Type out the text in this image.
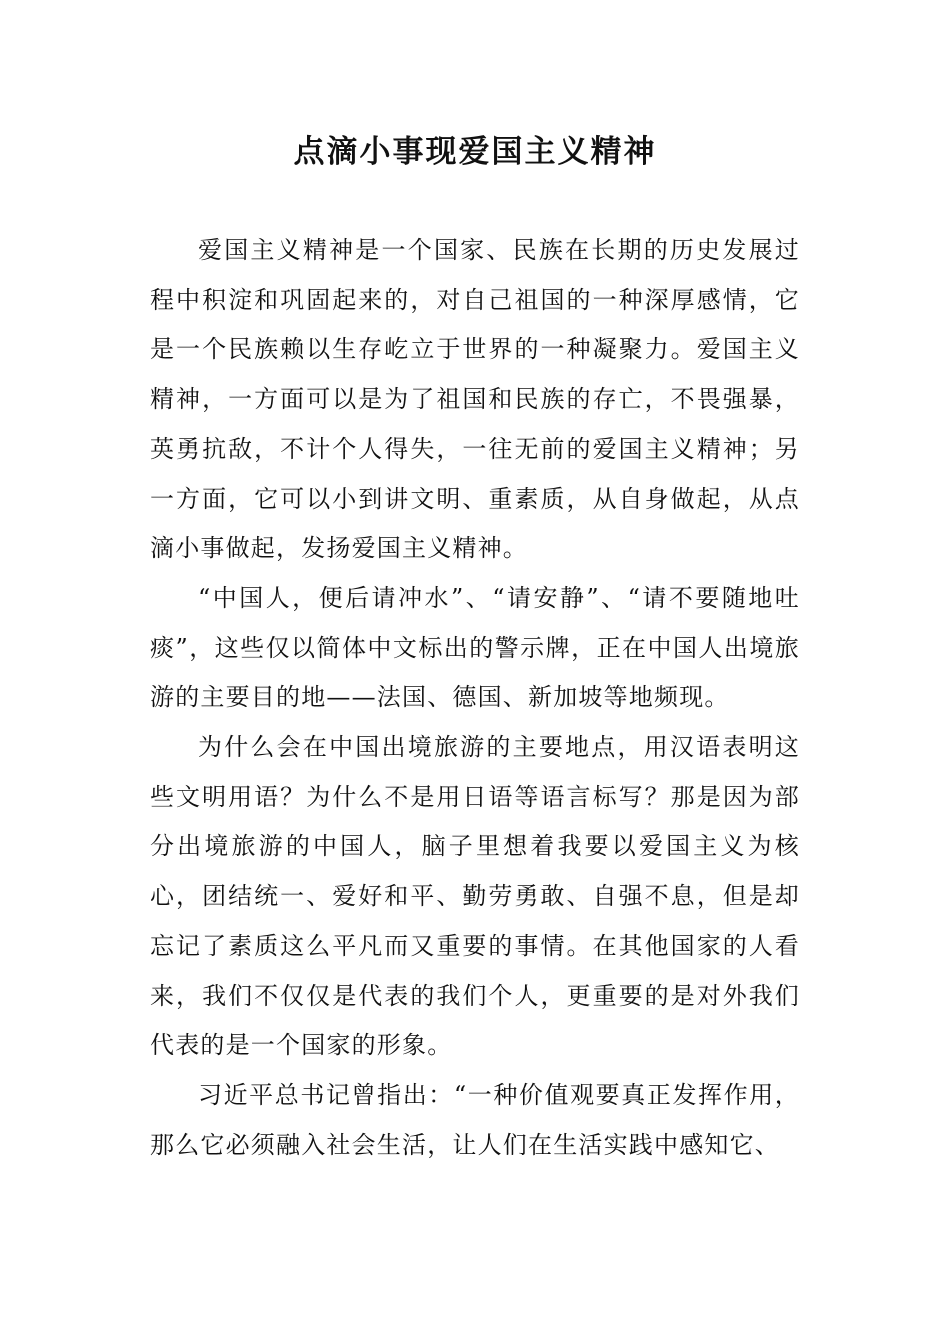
点滴小事现爱国主义精神

爱国主义精神是一个国家、民族在长期的历史发展过程中积淀和巩固起来的，对自己祖国的一种深厚感情，它是一个民族赖以生存屹立于世界的一种凝聚力。爱国主义精神，一方面可以是为了祖国和民族的存亡，不畏强暴，英勇抗敌，不计个人得失，一往无前的爱国主义精神；另一方面，它可以小到讲文明、重素质，从自身做起，从点滴小事做起，发扬爱国主义精神。

“中国人，便后请冲水”、“请安静”、“请不要随地吐痰”，这些仅以简体中文标出的警示牌，正在中国人出境旅游的主要目的地——法国、德国、新加坡等地频现。

为什么会在中国出境旅游的主要地点，用汉语表明这些文明用语？为什么不是用日语等语言标写？那是因为部分出境旅游的中国人，脑子里想着我要以爱国主义为核心，团结统一、爱好和平、勤劳勇敢、自强不息，但是却忘记了素质这么平凡而又重要的事情。在其他国家的人看来，我们不仅仅是代表的我们个人，更重要的是对外我们代表的是一个国家的形象。

习近平总书记曾指出：“一种价值观要真正发挥作用，那么它必须融入社会生活，让人们在生活实践中感知它、
